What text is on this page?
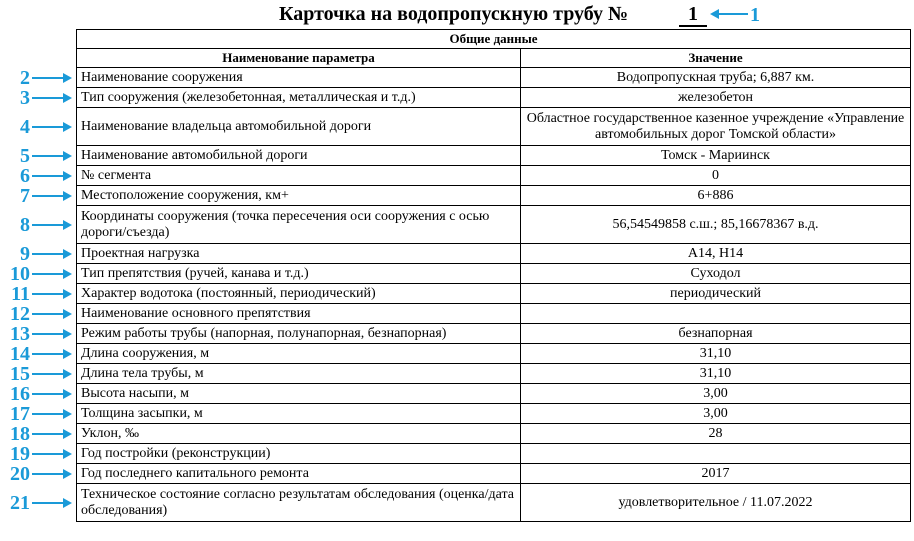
Карточка на водопропускную трубу №	1	1
Общие данные	
Наименование параметра	Значение
Наименование сооружения	Водопропускная труба; 6,887 км.
Тип сооружения (железобетонная, металлическая и т.д.)	железобетон
Наименование владельца автомобильной дороги	Областное государственное казенное учреждение «Управление автомобильных дорог Томской области»
Наименование автомобильной дороги	Томск - Мариинск
№ сегмента	0
Местоположение сооружения, км+	6+886
Координаты сооружения (точка пересечения оси сооружения с осью дороги/съезда)	56,54549858 с.ш.; 85,16678367 в.д.
Проектная нагрузка	А14, Н14
Тип препятствия (ручей, канава и т.д.)	Суходол
Характер водотока (постоянный, периодический)	периодический
Наименование основного препятствия	
Режим работы трубы (напорная, полунапорная, безнапорная)	безнапорная
Длина сооружения, м	31,10
Длина тела трубы, м	31,10
Высота насыпи, м	3,00
Толщина засыпки, м	3,00
Уклон, ‰	28
Год постройки (реконструкции)	
Год последнего капитального ремонта	2017
Техническое состояние согласно результатам обследования (оценка/дата обследования)	удовлетворительное / 11.07.2022
2
3
4
5
6
7
8
9
10
11
12
13
14
15
16
17
18
19
20
21
